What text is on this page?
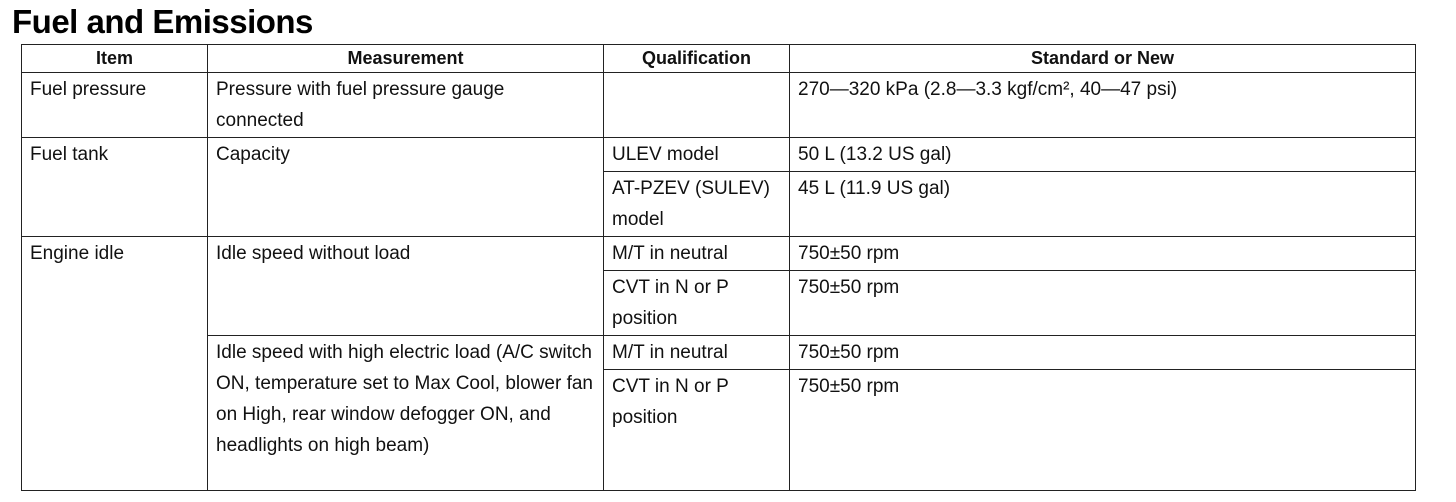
Fuel and Emissions
Item	Measurement	Qualification	Standard or New
Fuel pressure	Pressure with fuel pressure gauge connected		270—320 kPa (2.8—3.3 kgf/cm², 40—47 psi)
Fuel tank	Capacity	ULEV model	50 L (13.2 US gal)
		AT-PZEV (SULEV) model	45 L (11.9 US gal)
Engine idle	Idle speed without load	M/T in neutral	750±50 rpm
		CVT in N or P position	750±50 rpm
	Idle speed with high electric load (A/C switch ON, temperature set to Max Cool, blower fan on High, rear window defogger ON, and headlights on high beam)	M/T in neutral	750±50 rpm
		CVT in N or P position	750±50 rpm
